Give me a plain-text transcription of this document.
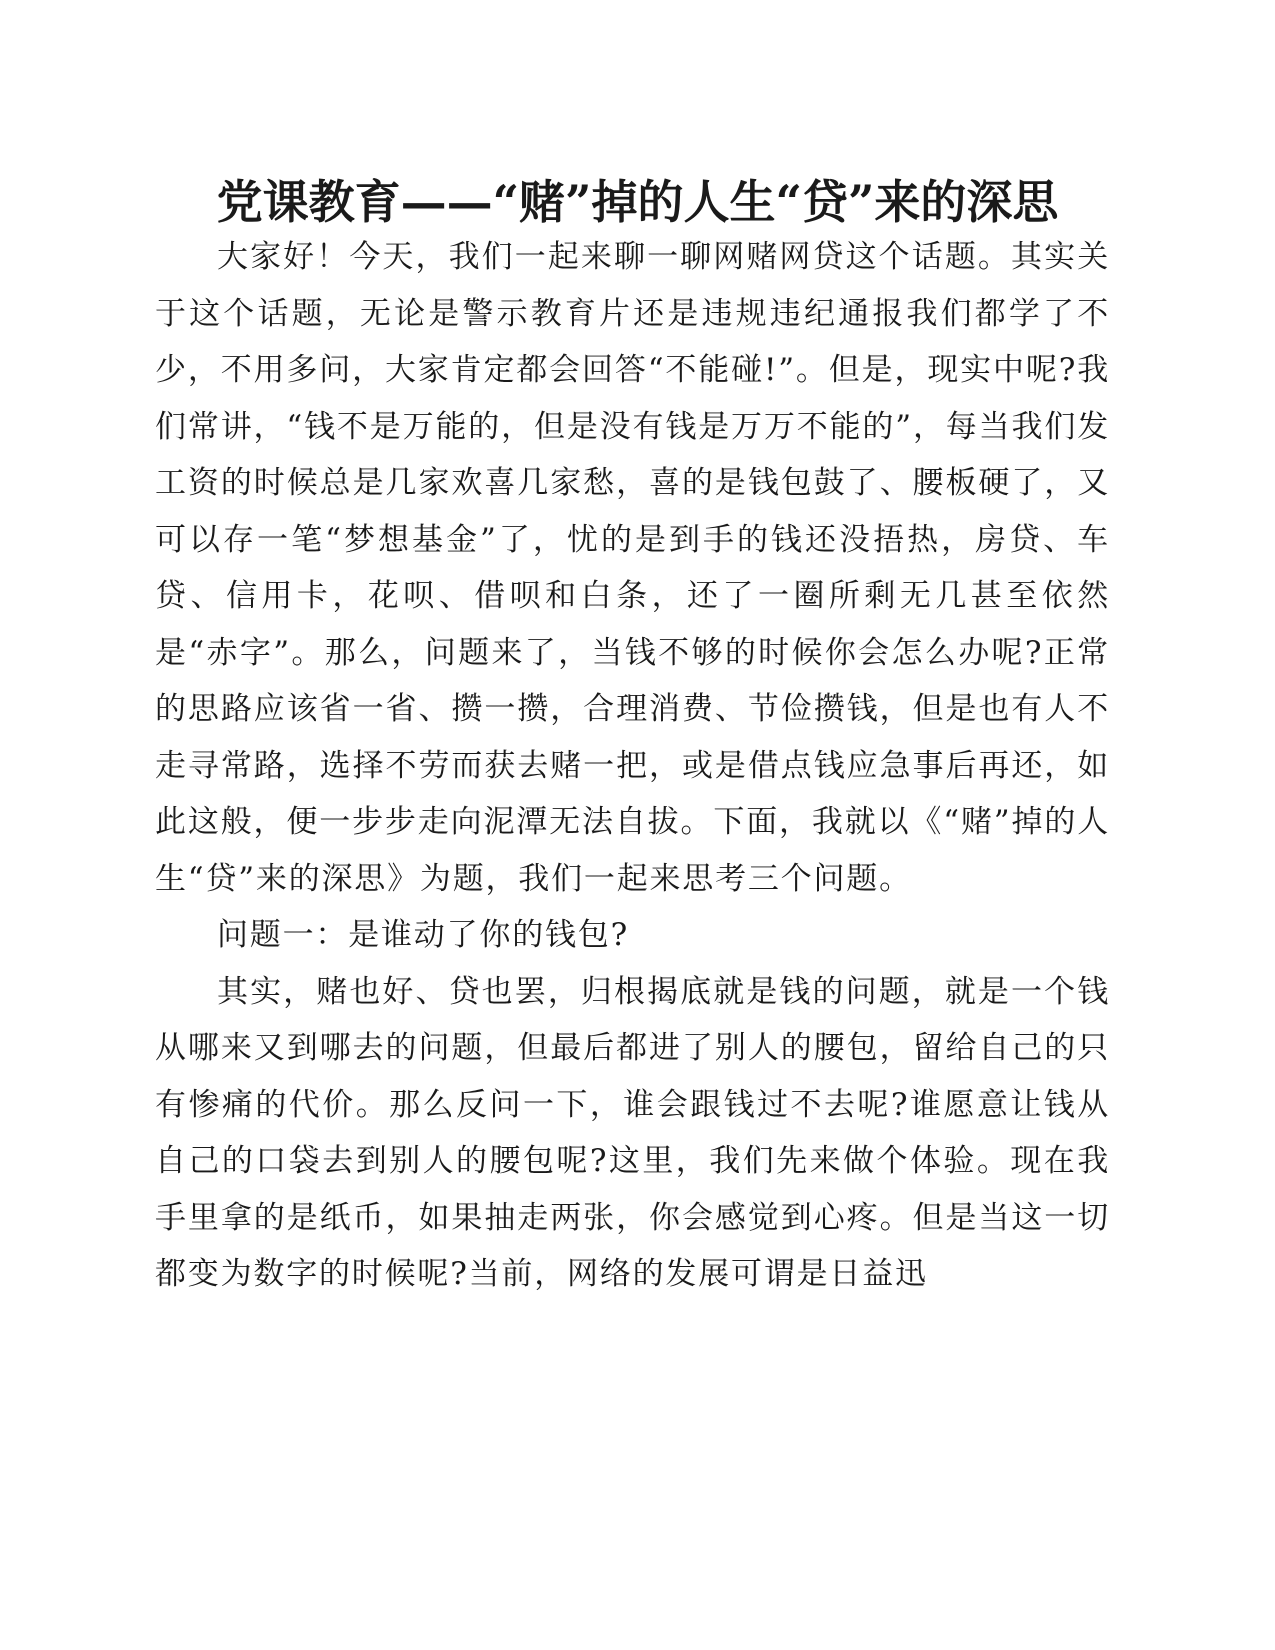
党课教育——“赌”掉的人生“贷”来的深思

大家好！今天，我们一起来聊一聊网赌网贷这个话题。其实关于这个话题，无论是警示教育片还是违规违纪通报我们都学了不少，不用多问，大家肯定都会回答“不能碰!”。但是，现实中呢?我们常讲，“钱不是万能的，但是没有钱是万万不能的”，每当我们发工资的时候总是几家欢喜几家愁，喜的是钱包鼓了、腰板硬了，又可以存一笔“梦想基金”了，忧的是到手的钱还没捂热，房贷、车贷、信用卡，花呗、借呗和白条，还了一圈所剩无几甚至依然是“赤字”。那么，问题来了，当钱不够的时候你会怎么办呢?正常的思路应该省一省、攒一攒，合理消费、节俭攒钱，但是也有人不走寻常路，选择不劳而获去赌一把，或是借点钱应急事后再还，如此这般，便一步步走向泥潭无法自拔。下面，我就以《“赌”掉的人生“贷”来的深思》为题，我们一起来思考三个问题。

问题一：是谁动了你的钱包?

其实，赌也好、贷也罢，归根揭底就是钱的问题，就是一个钱从哪来又到哪去的问题，但最后都进了别人的腰包，留给自己的只有惨痛的代价。那么反问一下，谁会跟钱过不去呢?谁愿意让钱从自己的口袋去到别人的腰包呢?这里，我们先来做个体验。现在我手里拿的是纸币，如果抽走两张，你会感觉到心疼。但是当这一切都变为数字的时候呢?当前，网络的发展可谓是日益迅
